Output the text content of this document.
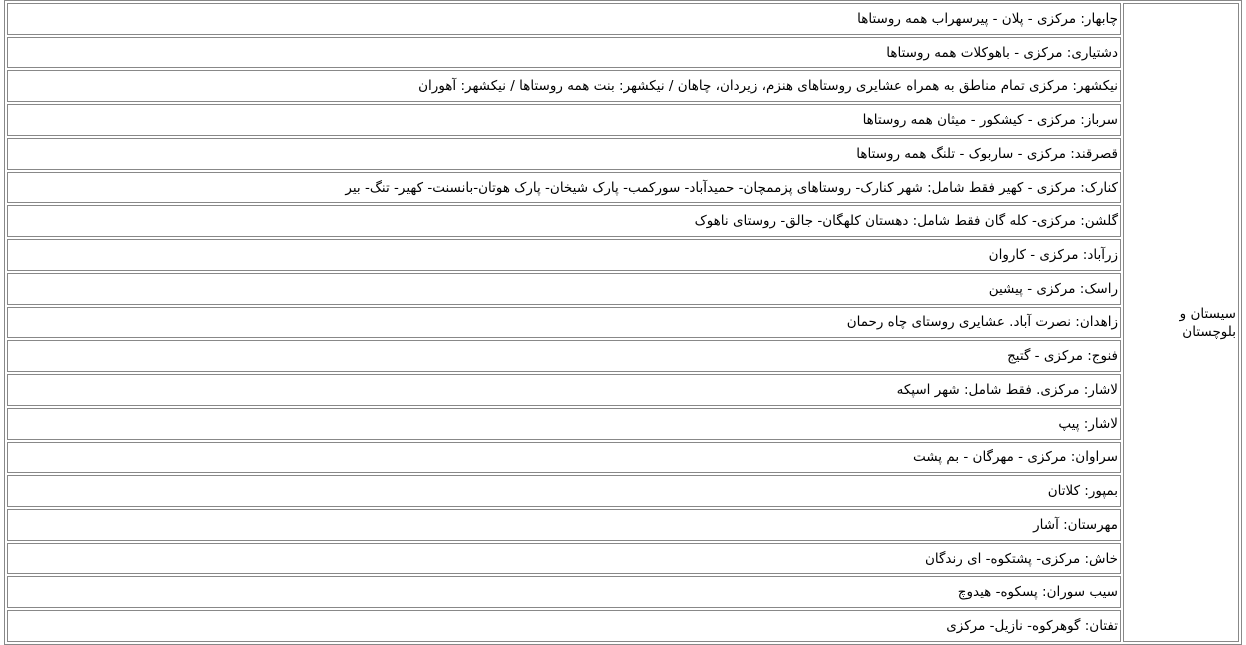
سیستان و بلوچستان	چابهار: مرکزی - پلان - پیرسهراب همه روستاها
دشتیاری: مرکزی - باهوکلات همه روستاها
نیکشهر: مرکزی تمام مناطق به همراه عشایری روستاهای هنزم، زیردان، چاهان / نیکشهر: بنت همه روستاها / نیکشهر: آهوران
سرباز: مرکزی - کیشکور - میثان همه روستاها
قصرقند: مرکزی - ساربوک - تلنگ همه روستاها
کنارک: مرکزی - کهیر فقط شامل: شهر کنارک- روستاهای پزممچان- حمیدآباد- سورکمب- پارک شیخان- پارک هوتان-بانسنت- کهیر- تنگ- بیر
گلشن: مرکزی- کله گان فقط شامل: دهستان کلهگان- جالق- روستای ناهوک
زرآباد: مرکزی - کاروان
راسک: مرکزی - پیشین
زاهدان: نصرت آباد. عشایری روستای چاه رحمان
فنوج: مرکزی - گتیج
لاشار: مرکزی. فقط شامل: شهر اسپکه
لاشار: پیپ
سراوان: مرکزی - مهرگان - بم پشت
بمپور: کلاتان
مهرستان: آشار
خاش: مرکزی- پشتکوه- ای رندگان
سیب سوران: پسکوه- هیدوچ
تفتان: گوهرکوه- نازیل- مرکزی
